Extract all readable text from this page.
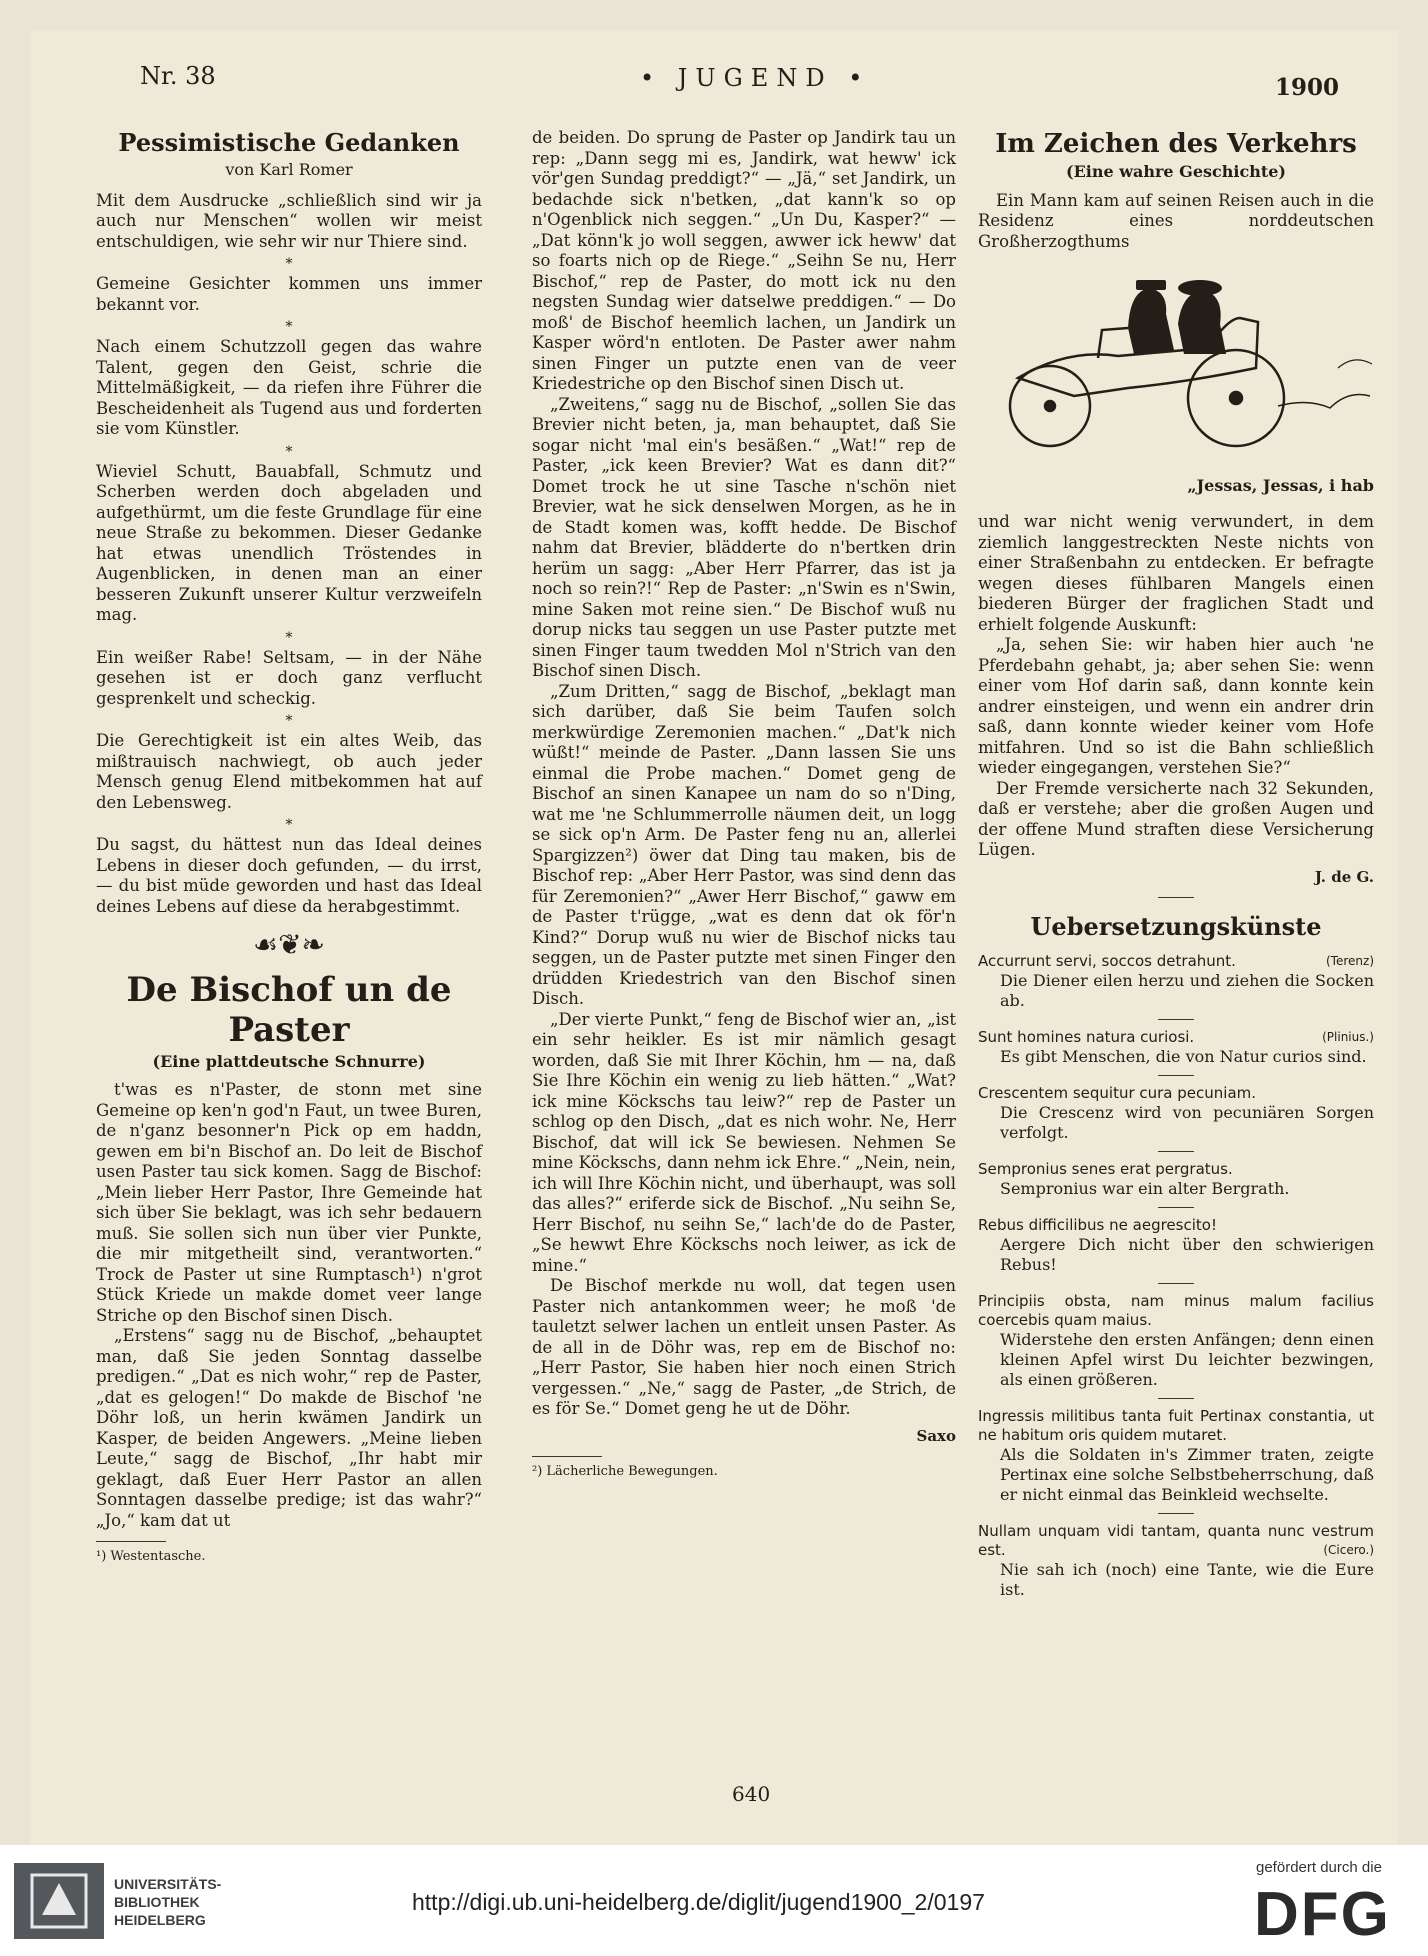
Nr. 38	• JUGEND •	1900
Pessimistische Gedanken
von Karl Romer

Mit dem Ausdrucke „schließlich sind wir ja auch nur Menschen“ wollen wir meist entschuldigen, wie sehr wir nur Thiere sind.

*

Gemeine Gesichter kommen uns immer bekannt vor.

*

Nach einem Schutzzoll gegen das wahre Talent, gegen den Geist, schrie die Mittelmäßigkeit, — da riefen ihre Führer die Bescheidenheit als Tugend aus und forderten sie vom Künstler.

*

Wieviel Schutt, Bauabfall, Schmutz und Scherben werden doch abgeladen und aufgethürmt, um die feste Grundlage für eine neue Straße zu bekommen. Dieser Gedanke hat etwas unendlich Tröstendes in Augenblicken, in denen man an einer besseren Zukunft unserer Kultur verzweifeln mag.

*

Ein weißer Rabe! Seltsam, — in der Nähe gesehen ist er doch ganz verflucht gesprenkelt und scheckig.

*

Die Gerechtigkeit ist ein altes Weib, das mißtrauisch nachwiegt, ob auch jeder Mensch genug Elend mitbekommen hat auf den Lebensweg.

*

Du sagst, du hättest nun das Ideal deines Lebens in dieser doch gefunden, — du irrst, — du bist müde geworden und hast das Ideal deines Lebens auf diese da herabgestimmt.

☙❦❧
De Bischof un de Paster
(Eine plattdeutsche Schnurre)

t'was es n'Paster, de stonn met sine Gemeine op ken'n god'n Faut, un twee Buren, de n'ganz besonner'n Pick op em haddn, gewen em bi'n Bischof an. Do leit de Bischof usen Paster tau sick komen. Sagg de Bischof: „Mein lieber Herr Pastor, Ihre Gemeinde hat sich über Sie beklagt, was ich sehr bedauern muß. Sie sollen sich nun über vier Punkte, die mir mitgetheilt sind, verantworten.“ Trock de Paster ut sine Rumptasch¹) n'grot Stück Kriede un makde domet veer lange Striche op den Bischof sinen Disch.

„Erstens“ sagg nu de Bischof, „behauptet man, daß Sie jeden Sonntag dasselbe predigen.“ „Dat es nich wohr,“ rep de Paster, „dat es gelogen!“ Do makde de Bischof 'ne Döhr loß, un herin kwämen Jandirk un Kasper, de beiden Angewers. „Meine lieben Leute,“ sagg de Bischof, „Ihr habt mir geklagt, daß Euer Herr Pastor an allen Sonntagen dasselbe predige; ist das wahr?“ „Jo,“ kam dat ut

¹) Westentasche.

de beiden. Do sprung de Paster op Jandirk tau un rep: „Dann segg mi es, Jandirk, wat heww' ick vör'gen Sundag preddigt?“ — „Jä,“ set Jandirk, un bedachde sick n'betken, „dat kann'k so op n'Ogenblick nich seggen.“ „Un Du, Kasper?“ — „Dat könn'k jo woll seggen, awwer ick heww' dat so foarts nich op de Riege.“ „Seihn Se nu, Herr Bischof,“ rep de Paster, do mott ick nu den negsten Sundag wier datselwe preddigen.“ — Do moß' de Bischof heemlich lachen, un Jandirk un Kasper wörd'n entloten. De Paster awer nahm sinen Finger un putzte enen van de veer Kriedestriche op den Bischof sinen Disch ut.

„Zweitens,“ sagg nu de Bischof, „sollen Sie das Brevier nicht beten, ja, man behauptet, daß Sie sogar nicht 'mal ein's besäßen.“ „Wat!“ rep de Paster, „ick keen Brevier? Wat es dann dit?“ Domet trock he ut sine Tasche n'schön niet Brevier, wat he sick denselwen Morgen, as he in de Stadt komen was, kofft hedde. De Bischof nahm dat Brevier, blädderte do n'bertken drin herüm un sagg: „Aber Herr Pfarrer, das ist ja noch so rein?!“ Rep de Paster: „n'Swin es n'Swin, mine Saken mot reine sien.“ De Bischof wuß nu dorup nicks tau seggen un use Paster putzte met sinen Finger taum twedden Mol n'Strich van den Bischof sinen Disch.

„Zum Dritten,“ sagg de Bischof, „beklagt man sich darüber, daß Sie beim Taufen solch merkwürdige Zeremonien machen.“ „Dat'k nich wüßt!“ meinde de Paster. „Dann lassen Sie uns einmal die Probe machen.“ Domet geng de Bischof an sinen Kanapee un nam do so n'Ding, wat me 'ne Schlummerrolle näumen deit, un logg se sick op'n Arm. De Paster feng nu an, allerlei Spargizzen²) öwer dat Ding tau maken, bis de Bischof rep: „Aber Herr Pastor, was sind denn das für Zeremonien?“ „Awer Herr Bischof,“ gaww em de Paster t'rügge, „wat es denn dat ok för'n Kind?“ Dorup wuß nu wier de Bischof nicks tau seggen, un de Paster putzte met sinen Finger den drüdden Kriedestrich van den Bischof sinen Disch.

„Der vierte Punkt,“ feng de Bischof wier an, „ist ein sehr heikler. Es ist mir nämlich gesagt worden, daß Sie mit Ihrer Köchin, hm — na, daß Sie Ihre Köchin ein wenig zu lieb hätten.“ „Wat? ick mine Köckschs tau leiw?“ rep de Paster un schlog op den Disch, „dat es nich wohr. Ne, Herr Bischof, dat will ick Se bewiesen. Nehmen Se mine Köckschs, dann nehm ick Ehre.“ „Nein, nein, ich will Ihre Köchin nicht, und überhaupt, was soll das alles?“ eriferde sick de Bischof. „Nu seihn Se, Herr Bischof, nu seihn Se,“ lach'de do de Paster, „Se hewwt Ehre Köckschs noch leiwer, as ick de mine.“

De Bischof merkde nu woll, dat tegen usen Paster nich antankommen weer; he moß 'de tauletzt selwer lachen un entleit unsen Paster. As de all in de Döhr was, rep em de Bischof no: „Herr Pastor, Sie haben hier noch einen Strich vergessen.“ „Ne,“ sagg de Paster, „de Strich, de es för Se.“ Domet geng he ut de Döhr.

Saxo
²) Lächerliche Bewegungen.
Im Zeichen des Verkehrs
(Eine wahre Geschichte)

Ein Mann kam auf seinen Reisen auch in die Residenz eines norddeutschen Großherzogthums

„Jessas, Jessas, i hab

und war nicht wenig verwundert, in dem ziemlich langgestreckten Neste nichts von einer Straßenbahn zu entdecken. Er befragte wegen dieses fühlbaren Mangels einen biederen Bürger der fraglichen Stadt und erhielt folgende Auskunft:

„Ja, sehen Sie: wir haben hier auch 'ne Pferdebahn gehabt, ja; aber sehen Sie: wenn einer vom Hof darin saß, dann konnte kein andrer einsteigen, und wenn ein andrer drin saß, dann konnte wieder keiner vom Hofe mitfahren. Und so ist die Bahn schließlich wieder eingegangen, verstehen Sie?“

Der Fremde versicherte nach 32 Sekunden, daß er verstehe; aber die großen Augen und der offene Mund straften diese Versicherung Lügen.

J. de G.
Uebersetzungskünste
Accurrunt servi, soccos detrahunt.	(Terenz)
Die Diener eilen herzu und ziehen die Socken ab.
Sunt homines natura curiosi.	(Plinius.)
Es gibt Menschen, die von Natur curios sind.
Crescentem sequitur cura pecuniam.
Die Crescenz wird von pecuniären Sorgen verfolgt.
Sempronius senes erat pergratus.
Sempronius war ein alter Bergrath.
Rebus difficilibus ne aegrescito!
Aergere Dich nicht über den schwierigen Rebus!
Principiis obsta, nam minus malum facilius coercebis quam maius.
Widerstehe den ersten Anfängen; denn einen kleinen Apfel wirst Du leichter bezwingen, als einen größeren.
Ingressis militibus tanta fuit Pertinax constantia, ut ne habitum oris quidem mutaret.
Als die Soldaten in's Zimmer traten, zeigte Pertinax eine solche Selbstbeherrschung, daß er nicht einmal das Beinkleid wechselte.
Nullam unquam vidi tantam, quanta nunc vestrum est.	(Cicero.)
Nie sah ich (noch) eine Tante, wie die Eure ist.
640
UNIVERSITÄTS-
BIBLIOTHEK
HEIDELBERG
http://digi.ub.uni-heidelberg.de/diglit/jugend1900_2/0197
gefördert durch die
DFG
